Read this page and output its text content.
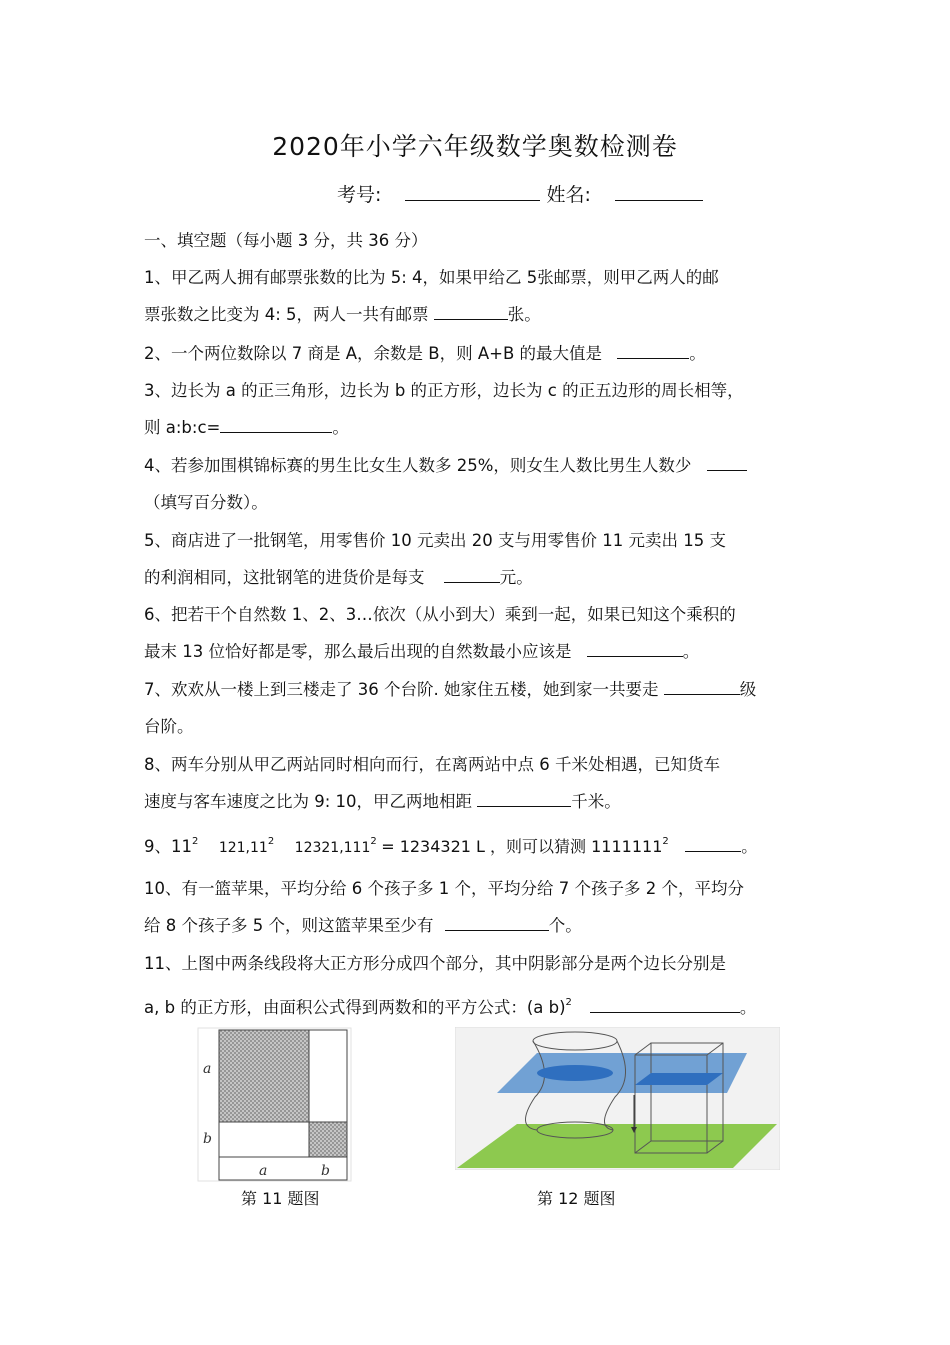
2020年小学六年级数学奥数检测卷
考号:	姓名:
一、填空题（每小题 3 分，共 36 分）
1、甲乙两人拥有邮票张数的比为 5: 4，如果甲给乙 5张邮票，则甲乙两人的邮
票张数之比变为 4: 5，两人一共有邮票	张。
2、一个两位数除以 7 商是 A，余数是 B，则 A+B 的最大值是	。
3、边长为 a 的正三角形，边长为 b 的正方形，边长为 c 的正五边形的周长相等，
则 a:b:c=	。
4、若参加围棋锦标赛的男生比女生人数多 25%，则女生人数比男生人数少
（填写百分数）。
5、商店进了一批钢笔，用零售价 10 元卖出 20 支与用零售价 11 元卖出 15 支
的利润相同，这批钢笔的进货价是每支	元。
6、把若干个自然数 1、2、3…依次（从小到大）乘到一起，如果已知这个乘积的
最末 13 位恰好都是零，那么最后出现的自然数最小应该是	。
7、欢欢从一楼上到三楼走了 36 个台阶. 她家住五楼，她到家一共要走	级
台阶。
8、两车分别从甲乙两站同时相向而行，在离两站中点 6 千米处相遇，已知货车
速度与客车速度之比为 9: 10，甲乙两地相距	千米。
9、$11^2$ 121,11$^2$ $12321,111^2 = 1234321$ L ，则可以猜测 1111111$^2$	。
10、有一篮苹果，平均分给 6 个孩子多 1 个，平均分给 7 个孩子多 2 个，平均分
给 8 个孩子多 5 个，则这篮苹果至少有	个。
11、上图中两条线段将大正方形分成四个部分，其中阴影部分是两个边长分别是
a, b 的正方形，由面积公式得到两数和的平方公式：(a b)$^2$	。
a
b
a	b
第 11 题图	第 12 题图
